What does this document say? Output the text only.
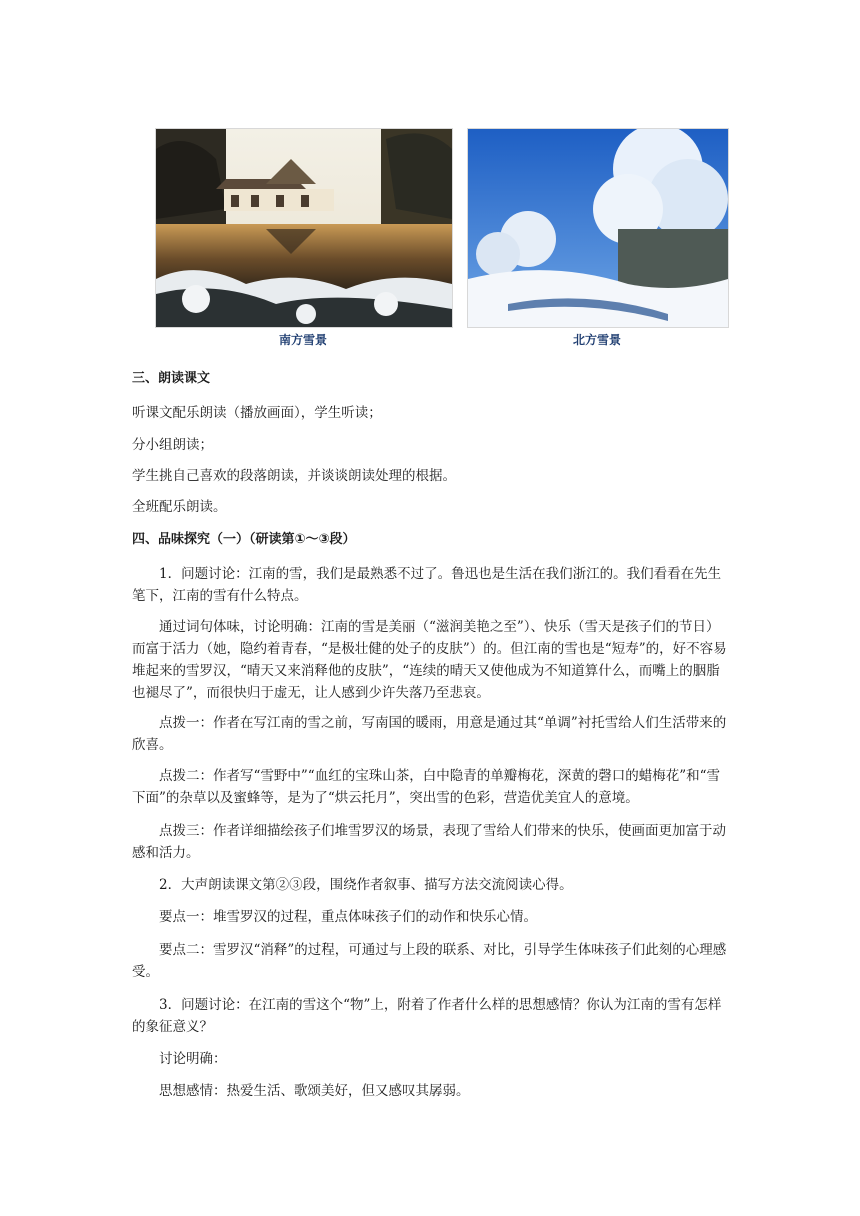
南方雪景	北方雪景

三、朗读课文

听课文配乐朗读（播放画面），学生听读；

分小组朗读；

学生挑自己喜欢的段落朗读，并谈谈朗读处理的根据。

全班配乐朗读。

四、品味探究（一）（研读第①～③段）

1．问题讨论：江南的雪，我们是最熟悉不过了。鲁迅也是生活在我们浙江的。我们看看在先生笔下，江南的雪有什么特点。

通过词句体味，讨论明确：江南的雪是美丽（“滋润美艳之至”）、快乐（雪天是孩子们的节日）而富于活力（她，隐约着青春，“是极壮健的处子的皮肤”）的。但江南的雪也是“短寿”的，好不容易堆起来的雪罗汉，“晴天又来消释他的皮肤”，“连续的晴天又使他成为不知道算什么，而嘴上的胭脂也褪尽了”，而很快归于虚无，让人感到少许失落乃至悲哀。

点拨一：作者在写江南的雪之前，写南国的暖雨，用意是通过其“单调”衬托雪给人们生活带来的欣喜。

点拨二：作者写“雪野中”“血红的宝珠山茶，白中隐青的单瓣梅花，深黄的磬口的蜡梅花”和“雪下面”的杂草以及蜜蜂等，是为了“烘云托月”，突出雪的色彩，营造优美宜人的意境。

点拨三：作者详细描绘孩子们堆雪罗汉的场景，表现了雪给人们带来的快乐，使画面更加富于动感和活力。

2．大声朗读课文第②③段，围绕作者叙事、描写方法交流阅读心得。

要点一：堆雪罗汉的过程，重点体味孩子们的动作和快乐心情。

要点二：雪罗汉“消释”的过程，可通过与上段的联系、对比，引导学生体味孩子们此刻的心理感受。

3．问题讨论：在江南的雪这个“物”上，附着了作者什么样的思想感情？你认为江南的雪有怎样的象征意义？

讨论明确：

思想感情：热爱生活、歌颂美好，但又感叹其孱弱。
